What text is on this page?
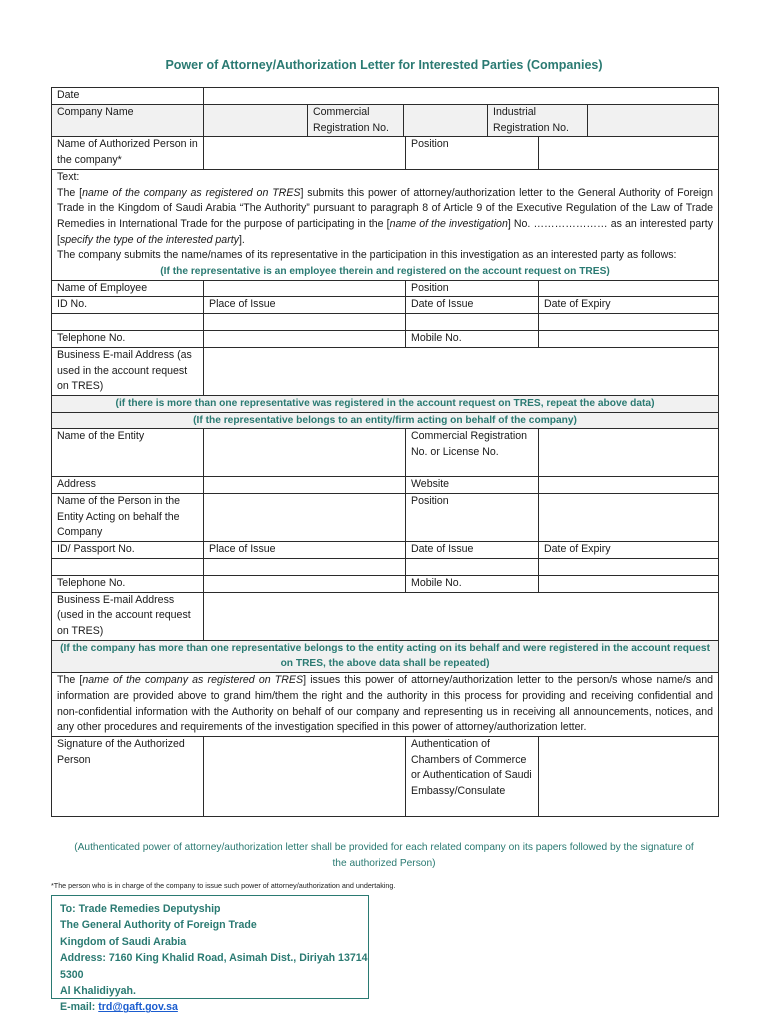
Power of Attorney/Authorization Letter for Interested Parties (Companies)
Date							
Company Name		Commercial Registration No.			Industrial Registration No.		
Name of Authorized Person in the company*				Position			

Text:
The [name of the company as registered on TRES] submits this power of attorney/authorization letter to the General Authority of Foreign Trade in the Kingdom of Saudi Arabia “The Authority” pursuant to paragraph 8 of Article 9 of the Executive Regulation of the Law of Trade Remedies in International Trade for the purpose of participating in the [name of the investigation] No. ………………… as an interested party [specify the type of the interested party].
The company submits the name/names of its representative in the participation in this investigation as an interested party as follows:
(If the representative is an employee therein and registered on the account request on TRES)							

Name of Employee				Position			
ID No.	Place of Issue			Date of Issue		Date of Expiry	

Telephone No.				Mobile No.			
Business E-mail Address (as used in the account request on TRES)							
(if there is more than one representative was registered in the account request on TRES, repeat the above data)							
(If the representative belongs to an entity/firm acting on behalf of the company)							
Name of the Entity				Commercial Registration No. or License No.			
Address				Website			
Name of the Person in the Entity Acting on behalf the Company				Position			
ID/ Passport No.	Place of Issue			Date of Issue		Date of Expiry	

Telephone No.				Mobile No.			
Business E-mail Address (used in the account request on TRES)							
(If the company has more than one representative belongs to the entity acting on its behalf and were registered in the account request on TRES, the above data shall be repeated)							
The [name of the company as registered on TRES] issues this power of attorney/authorization letter to the person/s whose name/s and information are provided above to grand him/them the right and the authority in this process for providing and receiving confidential and non-confidential information with the Authority on behalf of our company and representing us in receiving all announcements, notices, and any other procedures and requirements of the investigation specified in this power of attorney/authorization letter.							
Signature of the Authorized Person				Authentication of Chambers of Commerce or Authentication of Saudi Embassy/Consulate			
(Authenticated power of attorney/authorization letter shall be provided for each related company on its papers followed by the signature of the authorized Person)
*The person who is in charge of the company to issue such power of attorney/authorization and undertaking.
To: Trade Remedies Deputyship
The General Authority of Foreign Trade
Kingdom of Saudi Arabia
Address: 7160 King Khalid Road, Asimah Dist., Diriyah 13714 5300
Al Khalidiyyah.
E-mail: trd@gaft.gov.sa
